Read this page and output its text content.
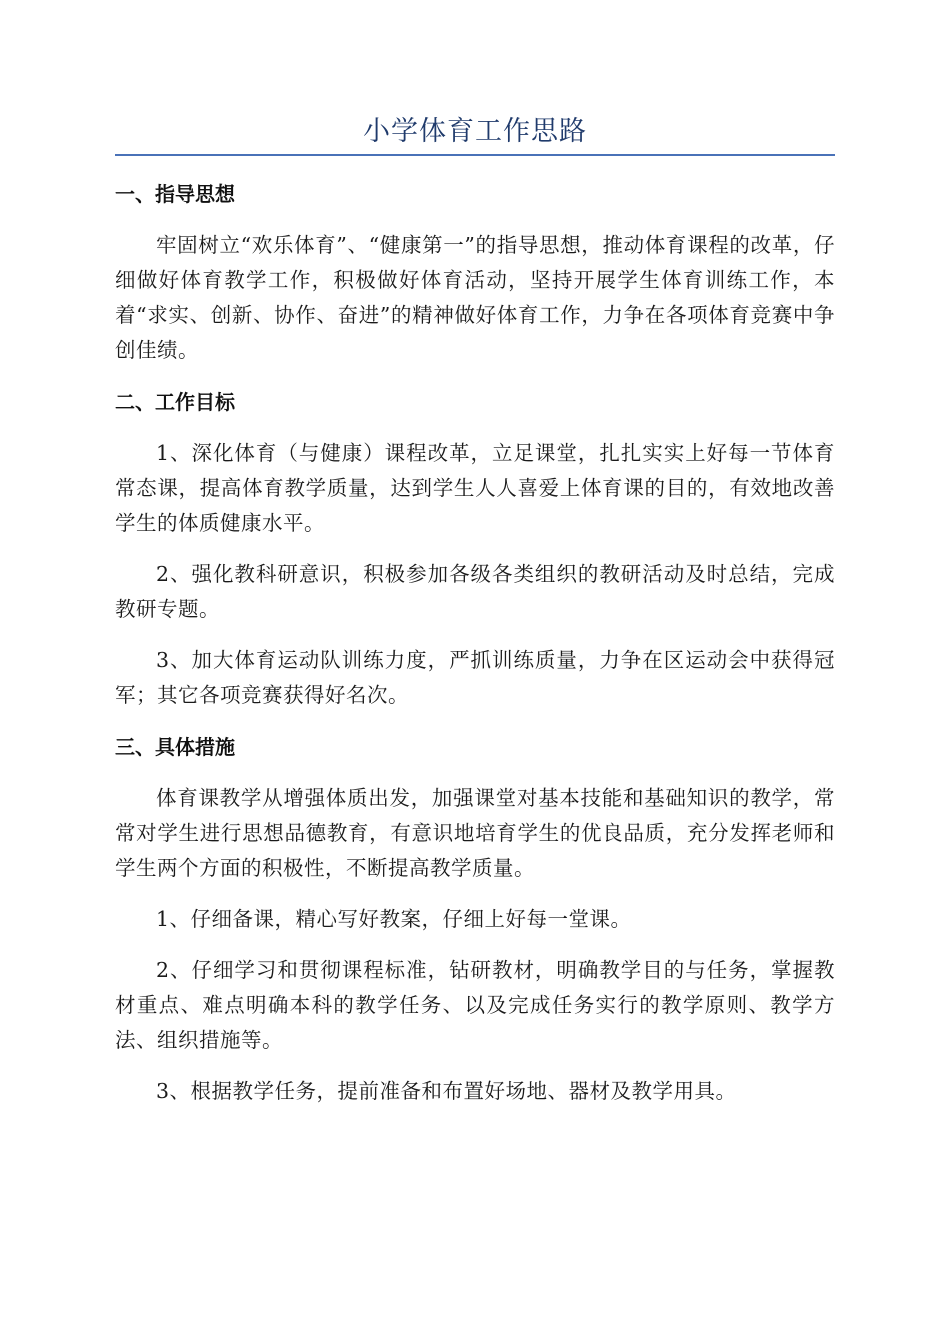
小学体育工作思路
一、指导思想

牢固树立“欢乐体育”、“健康第一”的指导思想，推动体育课程的改革，仔细做好体育教学工作，积极做好体育活动，坚持开展学生体育训练工作，本着“求实、创新、协作、奋进”的精神做好体育工作，力争在各项体育竞赛中争创佳绩。

二、工作目标

1、深化体育（与健康）课程改革，立足课堂，扎扎实实上好每一节体育常态课，提高体育教学质量，达到学生人人喜爱上体育课的目的，有效地改善学生的体质健康水平。

2、强化教科研意识，积极参加各级各类组织的教研活动及时总结，完成教研专题。

3、加大体育运动队训练力度，严抓训练质量，力争在区运动会中获得冠军；其它各项竞赛获得好名次。

三、具体措施

体育课教学从增强体质出发，加强课堂对基本技能和基础知识的教学，常常对学生进行思想品德教育，有意识地培育学生的优良品质，充分发挥老师和学生两个方面的积极性，不断提高教学质量。

1、仔细备课，精心写好教案，仔细上好每一堂课。

2、仔细学习和贯彻课程标准，钻研教材，明确教学目的与任务，掌握教材重点、难点明确本科的教学任务、以及完成任务实行的教学原则、教学方法、组织措施等。

3、根据教学任务，提前准备和布置好场地、器材及教学用具。
